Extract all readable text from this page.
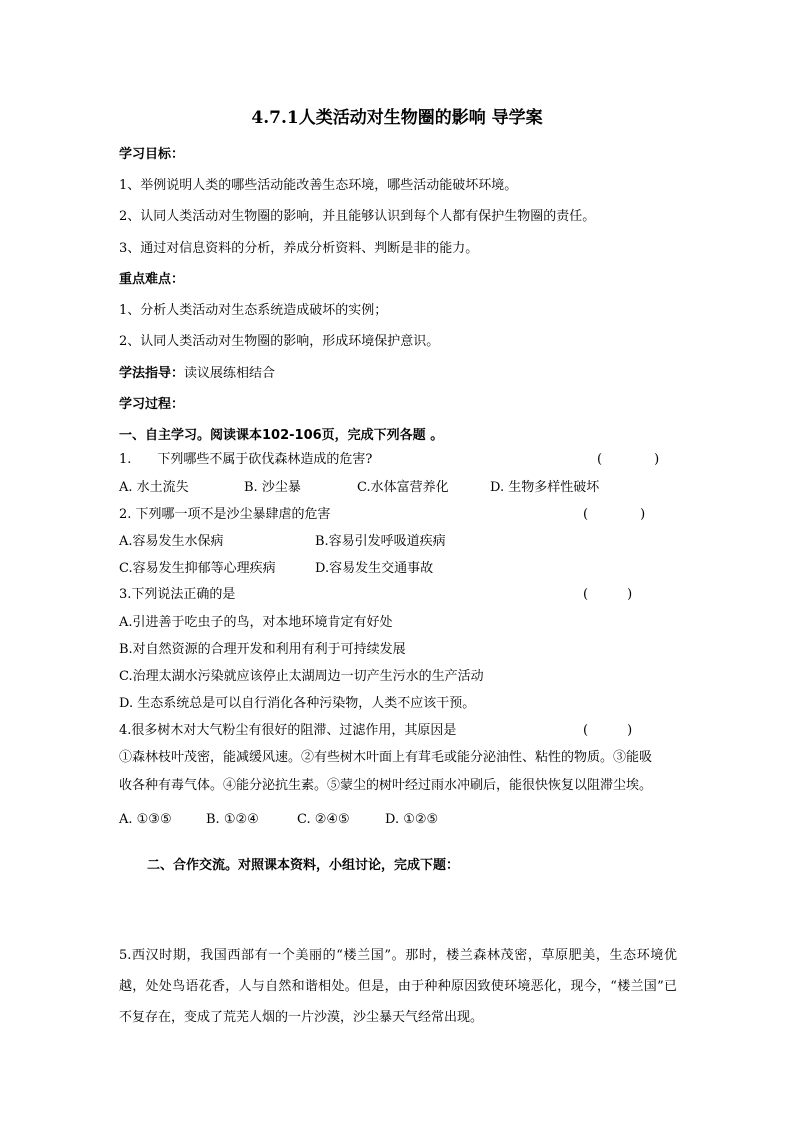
4.7.1人类活动对生物圈的影响 导学案
学习目标：
1、举例说明人类的哪些活动能改善生态环境，哪些活动能破坏环境。
2、认同人类活动对生物圈的影响，并且能够认识到每个人都有保护生物圈的责任。
3、通过对信息资料的分析，养成分析资料、判断是非的能力。
重点难点：
1、分析人类活动对生态系统造成破坏的实例；
2、认同人类活动对生物圈的影响，形成环境保护意识。
学法指导：读议展练相结合
学习过程：
一、自主学习。阅读课本102-106页，完成下列各题 。
1.　　下列哪些不属于砍伐森林造成的危害?	(　　　　)
A. 水土流失	B. 沙尘暴	C.水体富营养化	D. 生物多样性破坏
2. 下列哪一项不是沙尘暴肆虐的危害	(　　　　)
A.容易发生水保病	B.容易引发呼吸道疾病
C.容易发生抑郁等心理疾病	D.容易发生交通事故
3.下列说法正确的是	(　　　)
A.引进善于吃虫子的鸟，对本地环境肯定有好处
B.对自然资源的合理开发和利用有利于可持续发展
C.治理太湖水污染就应该停止太湖周边一切产生污水的生产活动
D. 生态系统总是可以自行消化各种污染物，人类不应该干预。
4.很多树木对大气粉尘有很好的阻滞、过滤作用，其原因是	(　　　)
①森林枝叶茂密，能减缓风速。②有些树木叶面上有茸毛或能分泌油性、粘性的物质。③能吸
收各种有毒气体。④能分泌抗生素。⑤蒙尘的树叶经过雨水冲刷后，能很快恢复以阻滞尘埃。
A. ①③⑤	B. ①②④	C. ②④⑤	D. ①②⑤
二、合作交流。对照课本资料，小组讨论，完成下题：
5.西汉时期，我国西部有一个美丽的“楼兰国”。那时，楼兰森林茂密，草原肥美，生态环境优越，处处鸟语花香，人与自然和谐相处。但是，由于种种原因致使环境恶化，现今，“楼兰国”已不复存在，变成了荒芜人烟的一片沙漠，沙尘暴天气经常出现。
